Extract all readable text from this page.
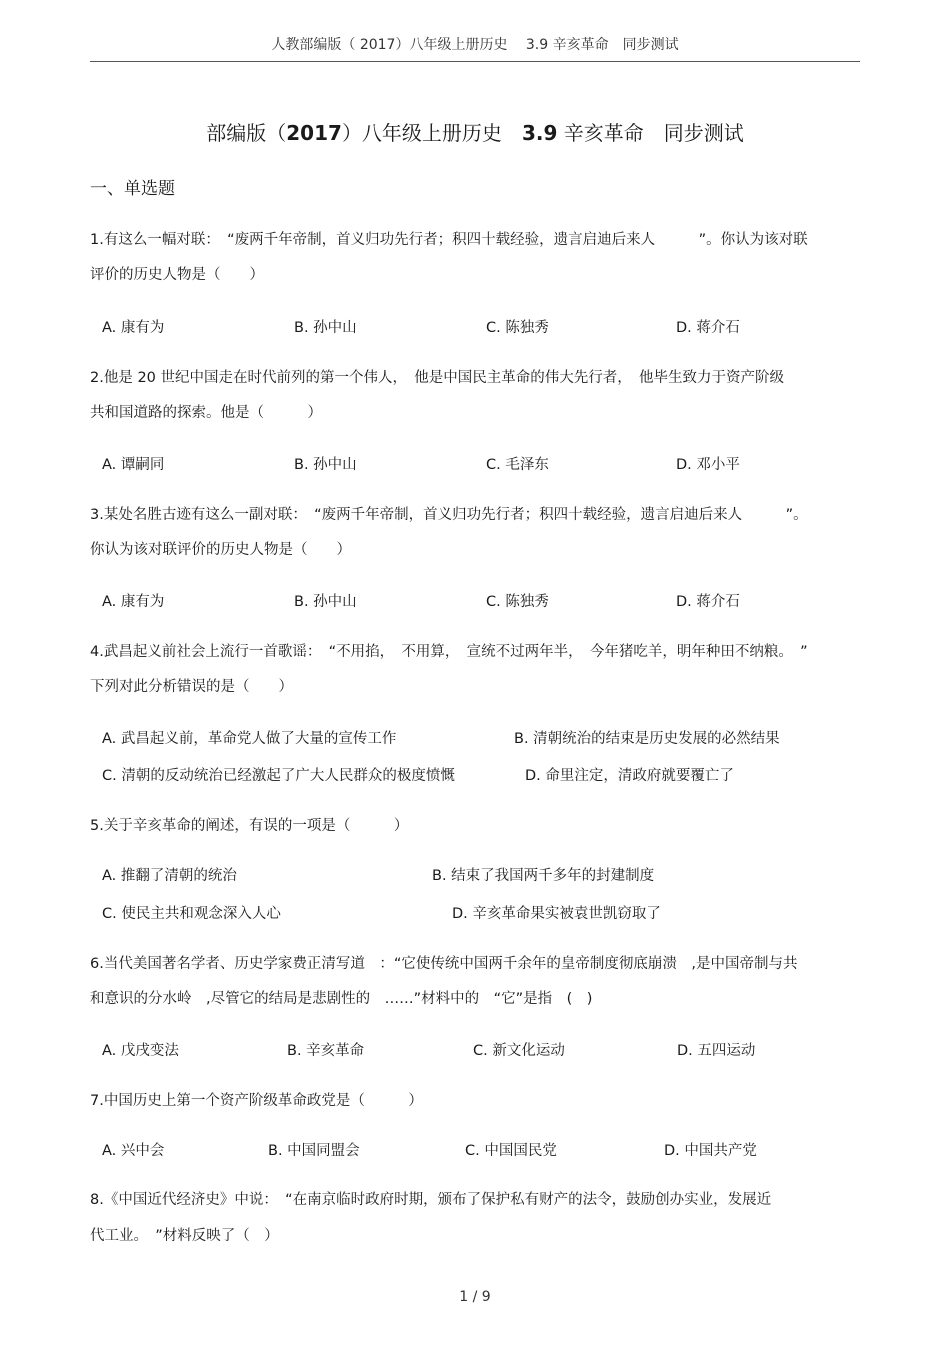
人教部编版（ 2017）八年级上册历史 　3.9 辛亥革命　同步测试
部编版（2017）八年级上册历史　3.9 辛亥革命　同步测试
一、单选题
1.有这么一幅对联：　“废两千年帝制，首义归功先行者；积四十载经验，遗言启迪后来人　　　”。你认为该对联
评价的历史人物是（　　）
A. 康有为	B. 孙中山	C. 陈独秀	D. 蒋介石
2.他是 20 世纪中国走在时代前列的第一个伟人，　他是中国民主革命的伟大先行者，　他毕生致力于资产阶级
共和国道路的探索。他是（　　　）
A. 谭嗣同	B. 孙中山	C. 毛泽东	D. 邓小平
3.某处名胜古迹有这么一副对联：　“废两千年帝制，首义归功先行者；积四十载经验，遗言启迪后来人　　　”。
你认为该对联评价的历史人物是（　　）
A. 康有为	B. 孙中山	C. 陈独秀	D. 蒋介石
4.武昌起义前社会上流行一首歌谣：　“不用掐，　不用算，　宣统不过两年半，　今年猪吃羊，明年种田不纳粮。　”
下列对此分析错误的是（　　）
A. 武昌起义前，革命党人做了大量的宣传工作	B. 清朝统治的结束是历史发展的必然结果
C. 清朝的反动统治已经激起了广大人民群众的极度愤慨	D. 命里注定，清政府就要覆亡了
5.关于辛亥革命的阐述，有误的一项是（　　　）
A. 推翻了清朝的统治	B. 结束了我国两千多年的封建制度
C. 使民主共和观念深入人心	D. 辛亥革命果实被袁世凯窃取了
6.当代美国著名学者、历史学家费正清写道　：“它使传统中国两千余年的皇帝制度彻底崩溃　,是中国帝制与共
和意识的分水岭　,尽管它的结局是悲剧性的　……”材料中的　“它”是指　(　)
A. 戊戌变法	B. 辛亥革命	C. 新文化运动	D. 五四运动
7.中国历史上第一个资产阶级革命政党是（　　　）
A. 兴中会	B. 中国同盟会	C. 中国国民党	D. 中国共产党
8.《中国近代经济史》中说：　“在南京临时政府时期，颁布了保护私有财产的法令，鼓励创办实业，发展近
代工业。　”材料反映了（　）
1 / 9
